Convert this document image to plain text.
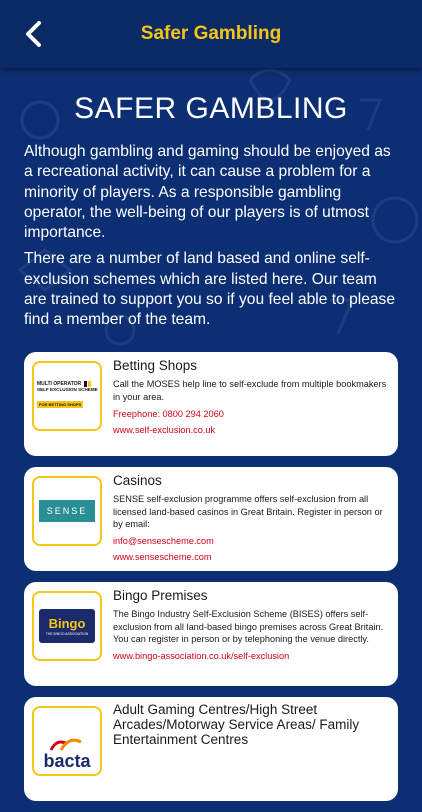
Safer Gambling
SAFER GAMBLING

Although gambling and gaming should be enjoyed as a recreational activity, it can cause a problem for a minority of players. As a responsible gambling operator, the well-being of our players is of utmost importance.

There are a number of land based and online self-exclusion schemes which are listed here. Our team are trained to support you so if you feel able to please find a member of the team.

MULTI OPERATOR
SELF EXCLUSION SCHEME
FOR BETTING SHOPS
Betting Shops
Call the MOSES help line to self-exclude from multiple bookmakers in your area.
Freephone: 0800 294 2060
www.self-exclusion.co.uk
SENSE
Casinos
SENSE self-exclusion programme offers self-exclusion from all licensed land-based casinos in Great Britain. Register in person or by email:
info@sensescheme.com
www.sensescheme.com
Bingo
THE BINGO ASSOCIATION
Bingo Premises
The Bingo Industry Self-Exclusion Scheme (BISES) offers self-exclusion from all land-based bingo premises across Great Britain. You can register in person or by telephoning the venue directly.
www.bingo-association.co.uk/self-exclusion
bacta
Adult Gaming Centres/High Street Arcades/Motorway Service Areas/ Family Entertainment Centres
